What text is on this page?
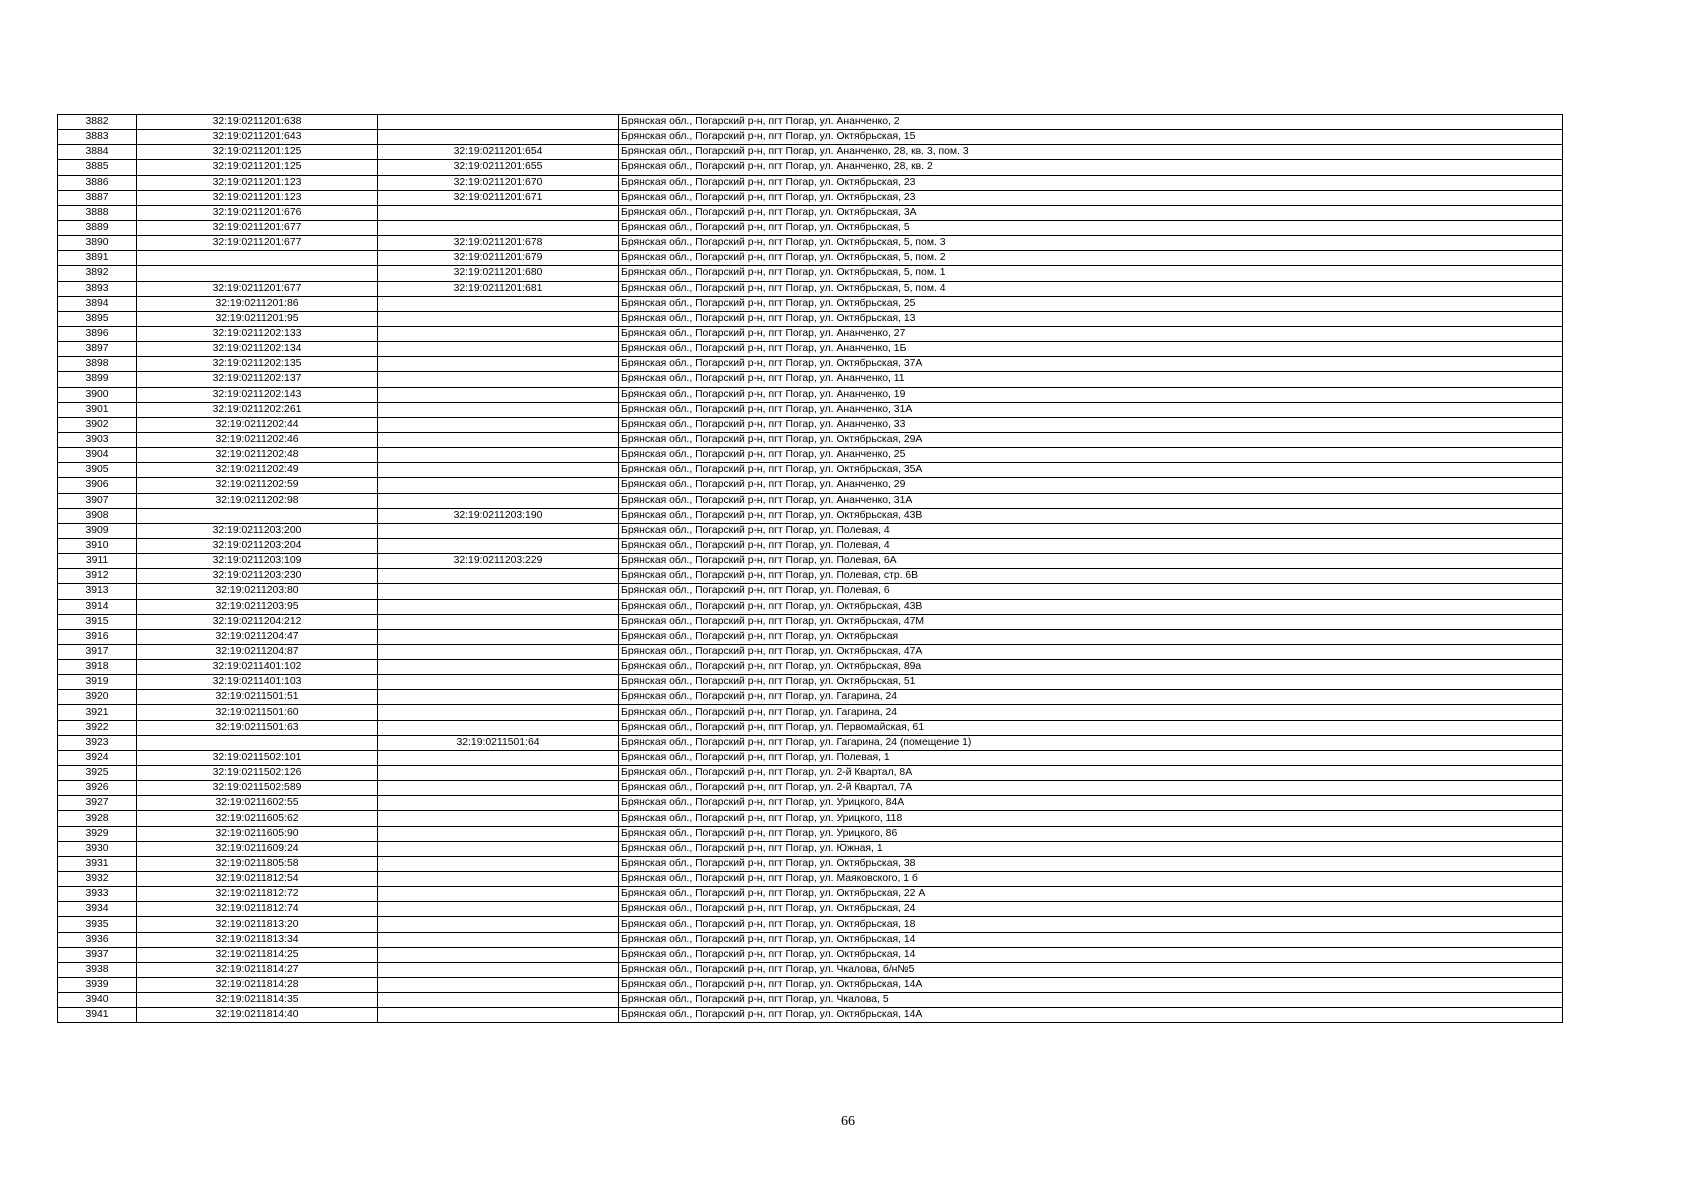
3882	32:19:0211201:638		Брянская обл., Погарский р-н, пгт Погар, ул. Ананченко, 2
3883	32:19:0211201:643		Брянская обл., Погарский р-н, пгт Погар, ул. Октябрьская, 15
3884	32:19:0211201:125	32:19:0211201:654	Брянская обл., Погарский р-н, пгт Погар, ул. Ананченко, 28, кв. 3, пом. 3
3885	32:19:0211201:125	32:19:0211201:655	Брянская обл., Погарский р-н, пгт Погар, ул. Ананченко, 28, кв. 2
3886	32:19:0211201:123	32:19:0211201:670	Брянская обл., Погарский р-н, пгт Погар, ул. Октябрьская, 23
3887	32:19:0211201:123	32:19:0211201:671	Брянская обл., Погарский р-н, пгт Погар, ул. Октябрьская, 23
3888	32:19:0211201:676		Брянская обл., Погарский р-н, пгт Погар, ул. Октябрьская, 3А
3889	32:19:0211201:677		Брянская обл., Погарский р-н, пгт Погар, ул. Октябрьская, 5
3890	32:19:0211201:677	32:19:0211201:678	Брянская обл., Погарский р-н, пгт Погар, ул. Октябрьская, 5, пом. 3
3891		32:19:0211201:679	Брянская обл., Погарский р-н, пгт Погар, ул. Октябрьская, 5, пом. 2
3892		32:19:0211201:680	Брянская обл., Погарский р-н, пгт Погар, ул. Октябрьская, 5, пом. 1
3893	32:19:0211201:677	32:19:0211201:681	Брянская обл., Погарский р-н, пгт Погар, ул. Октябрьская, 5, пом. 4
3894	32:19:0211201:86		Брянская обл., Погарский р-н, пгт Погар, ул. Октябрьская, 25
3895	32:19:0211201:95		Брянская обл., Погарский р-н, пгт Погар, ул. Октябрьская, 13
3896	32:19:0211202:133		Брянская обл., Погарский р-н, пгт Погар, ул. Ананченко, 27
3897	32:19:0211202:134		Брянская обл., Погарский р-н, пгт Погар, ул. Ананченко, 1Б
3898	32:19:0211202:135		Брянская обл., Погарский р-н, пгт Погар, ул. Октябрьская, 37А
3899	32:19:0211202:137		Брянская обл., Погарский р-н, пгт Погар, ул. Ананченко, 11
3900	32:19:0211202:143		Брянская обл., Погарский р-н, пгт Погар, ул. Ананченко, 19
3901	32:19:0211202:261		Брянская обл., Погарский р-н, пгт Погар, ул. Ананченко, 31А
3902	32:19:0211202:44		Брянская обл., Погарский р-н, пгт Погар, ул. Ананченко, 33
3903	32:19:0211202:46		Брянская обл., Погарский р-н, пгт Погар, ул. Октябрьская, 29А
3904	32:19:0211202:48		Брянская обл., Погарский р-н, пгт Погар, ул. Ананченко, 25
3905	32:19:0211202:49		Брянская обл., Погарский р-н, пгт Погар, ул. Октябрьская, 35А
3906	32:19:0211202:59		Брянская обл., Погарский р-н, пгт Погар, ул. Ананченко, 29
3907	32:19:0211202:98		Брянская обл., Погарский р-н, пгт Погар, ул. Ананченко, 31А
3908		32:19:0211203:190	Брянская обл., Погарский р-н, пгт Погар, ул. Октябрьская, 43В
3909	32:19:0211203:200		Брянская обл., Погарский р-н, пгт Погар, ул. Полевая, 4
3910	32:19:0211203:204		Брянская обл., Погарский р-н, пгт Погар, ул. Полевая, 4
3911	32:19:0211203:109	32:19:0211203:229	Брянская обл., Погарский р-н, пгт Погар, ул. Полевая, 6А
3912	32:19:0211203:230		Брянская обл., Погарский р-н, пгт Погар, ул. Полевая, стр. 6В
3913	32:19:0211203:80		Брянская обл., Погарский р-н, пгт Погар, ул. Полевая, 6
3914	32:19:0211203:95		Брянская обл., Погарский р-н, пгт Погар, ул. Октябрьская, 43В
3915	32:19:0211204:212		Брянская обл., Погарский р-н, пгт Погар, ул. Октябрьская, 47М
3916	32:19:0211204:47		Брянская обл., Погарский р-н, пгт Погар, ул. Октябрьская
3917	32:19:0211204:87		Брянская обл., Погарский р-н, пгт Погар, ул. Октябрьская, 47А
3918	32:19:0211401:102		Брянская обл., Погарский р-н, пгт Погар, ул. Октябрьская, 89а
3919	32:19:0211401:103		Брянская обл., Погарский р-н, пгт Погар, ул. Октябрьская, 51
3920	32:19:0211501:51		Брянская обл., Погарский р-н, пгт Погар, ул. Гагарина, 24
3921	32:19:0211501:60		Брянская обл., Погарский р-н, пгт Погар, ул. Гагарина, 24
3922	32:19:0211501:63		Брянская обл., Погарский р-н, пгт Погар, ул. Первомайская, 61
3923		32:19:0211501:64	Брянская обл., Погарский р-н, пгт Погар, ул. Гагарина, 24 (помещение 1)
3924	32:19:0211502:101		Брянская обл., Погарский р-н, пгт Погар, ул. Полевая, 1
3925	32:19:0211502:126		Брянская обл., Погарский р-н, пгт Погар, ул. 2-й Квартал, 8А
3926	32:19:0211502:589		Брянская обл., Погарский р-н, пгт Погар, ул. 2-й Квартал, 7А
3927	32:19:0211602:55		Брянская обл., Погарский р-н, пгт Погар, ул. Урицкого, 84А
3928	32:19:0211605:62		Брянская обл., Погарский р-н, пгт Погар, ул. Урицкого, 118
3929	32:19:0211605:90		Брянская обл., Погарский р-н, пгт Погар, ул. Урицкого, 86
3930	32:19:0211609:24		Брянская обл., Погарский р-н, пгт Погар, ул. Южная, 1
3931	32:19:0211805:58		Брянская обл., Погарский р-н, пгт Погар, ул. Октябрьская, 38
3932	32:19:0211812:54		Брянская обл., Погарский р-н, пгт Погар, ул. Маяковского, 1 б
3933	32:19:0211812:72		Брянская обл., Погарский р-н, пгт Погар, ул. Октябрьская, 22 А
3934	32:19:0211812:74		Брянская обл., Погарский р-н, пгт Погар, ул. Октябрьская, 24
3935	32:19:0211813:20		Брянская обл., Погарский р-н, пгт Погар, ул. Октябрьская, 18
3936	32:19:0211813:34		Брянская обл., Погарский р-н, пгт Погар, ул. Октябрьская, 14
3937	32:19:0211814:25		Брянская обл., Погарский р-н, пгт Погар, ул. Октябрьская, 14
3938	32:19:0211814:27		Брянская обл., Погарский р-н, пгт Погар, ул. Чкалова, б/н№5
3939	32:19:0211814:28		Брянская обл., Погарский р-н, пгт Погар, ул. Октябрьская, 14А
3940	32:19:0211814:35		Брянская обл., Погарский р-н, пгт Погар, ул. Чкалова, 5
3941	32:19:0211814:40		Брянская обл., Погарский р-н, пгт Погар, ул. Октябрьская, 14А
66
